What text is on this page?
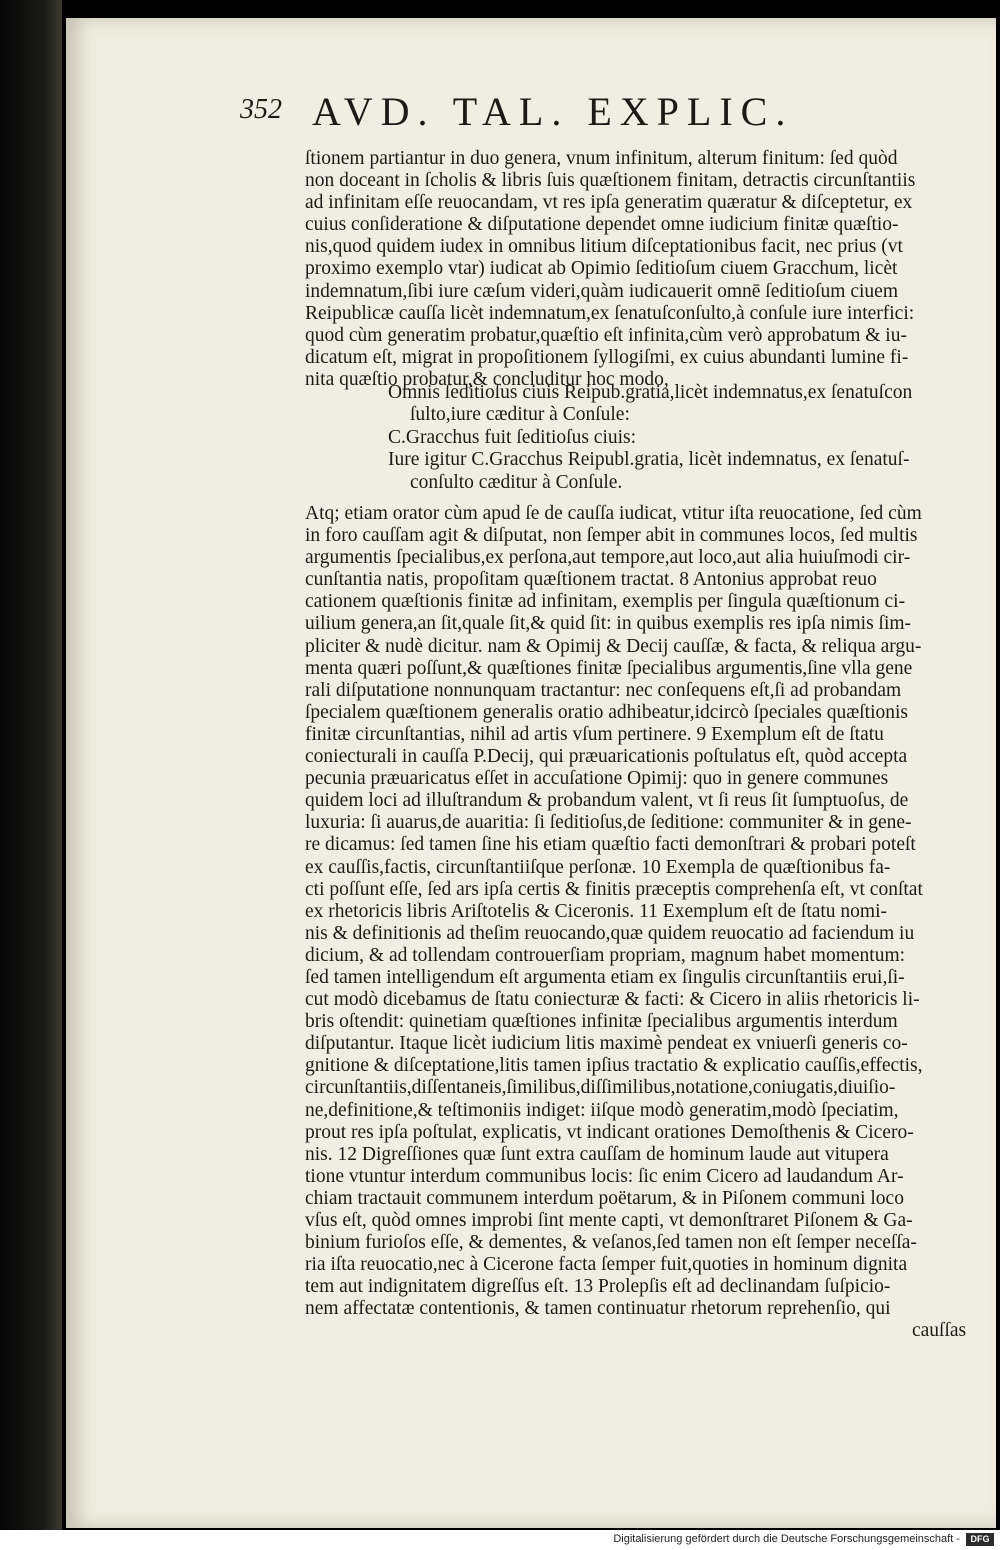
352 AVD. TAL. EXPLIC.
ſtionem partiantur in duo genera, vnum infinitum, alterum finitum: ſed quòd
non doceant in ſcholis & libris ſuis quæſtionem finitam, detractis circunſtantiis
ad infinitam eſſe reuocandam, vt res ipſa generatim quæratur & diſceptetur, ex
cuius conſideratione & diſputatione dependet omne iudicium finitæ quæſtio-
nis,quod quidem iudex in omnibus litium diſceptationibus facit, nec prius (vt
proximo exemplo vtar) iudicat ab Opimio ſeditioſum ciuem Gracchum, licèt
indemnatum,ſibi iure cæſum videri,quàm iudicauerit omnē ſeditioſum ciuem
Reipublicæ cauſſa licèt indemnatum,ex ſenatuſconſulto,à conſule iure interfici:
quod cùm generatim probatur,quæſtio eſt infinita,cùm verò approbatum & iu-
dicatum eſt, migrat in propoſitionem ſyllogiſmi, ex cuius abundanti lumine fi-
nita quæſtio probatur,& concluditur hoc modo,
Omnis ſeditioſus ciuis Reipub.gratia,licèt indemnatus,ex ſenatuſcon
ſulto,iure cæditur à Conſule:
C.Gracchus fuit ſeditioſus ciuis:
Iure igitur C.Gracchus Reipubl.gratia, licèt indemnatus, ex ſenatuſ-
conſulto cæditur à Conſule.
Atq; etiam orator cùm apud ſe de cauſſa iudicat, vtitur iſta reuocatione, ſed cùm
in foro cauſſam agit & diſputat, non ſemper abit in communes locos, ſed multis
argumentis ſpecialibus,ex perſona,aut tempore,aut loco,aut alia huiuſmodi cir-
cunſtantia natis, propoſitam quæſtionem tractat. 8 Antonius approbat reuo
cationem quæſtionis finitæ ad infinitam, exemplis per ſingula quæſtionum ci-
uilium genera,an ſit,quale ſit,& quid ſit: in quibus exemplis res ipſa nimis ſim-
pliciter & nudè dicitur. nam & Opimij & Decij cauſſæ, & facta, & reliqua argu-
menta quæri poſſunt,& quæſtiones finitæ ſpecialibus argumentis,ſine vlla gene
rali diſputatione nonnunquam tractantur: nec conſequens eſt,ſi ad probandam
ſpecialem quæſtionem generalis oratio adhibeatur,idcircò ſpeciales quæſtionis
finitæ circunſtantias, nihil ad artis vſum pertinere. 9 Exemplum eſt de ſtatu
coniecturali in cauſſa P.Decij, qui præuaricationis poſtulatus eſt, quòd accepta
pecunia præuaricatus eſſet in accuſatione Opimij: quo in genere communes
quidem loci ad illuſtrandum & probandum valent, vt ſi reus ſit ſumptuoſus, de
luxuria: ſi auarus,de auaritia: ſi ſeditioſus,de ſeditione: communiter & in gene-
re dicamus: ſed tamen ſine his etiam quæſtio facti demonſtrari & probari poteſt
ex cauſſis,factis, circunſtantiiſque perſonæ. 10 Exempla de quæſtionibus fa-
cti poſſunt eſſe, ſed ars ipſa certis & finitis præceptis comprehenſa eſt, vt conſtat
ex rhetoricis libris Ariſtotelis & Ciceronis. 11 Exemplum eſt de ſtatu nomi-
nis & definitionis ad theſim reuocando,quæ quidem reuocatio ad faciendum iu
dicium, & ad tollendam controuerſiam propriam, magnum habet momentum:
ſed tamen intelligendum eſt argumenta etiam ex ſingulis circunſtantiis erui,ſi-
cut modò dicebamus de ſtatu coniecturæ & facti: & Cicero in aliis rhetoricis li-
bris oſtendit: quinetiam quæſtiones infinitæ ſpecialibus argumentis interdum
diſputantur. Itaque licèt iudicium litis maximè pendeat ex vniuerſi generis co-
gnitione & diſceptatione,litis tamen ipſius tractatio & explicatio cauſſis,effectis,
circunſtantiis,diſſentaneis,ſimilibus,diſſimilibus,notatione,coniugatis,diuiſio-
ne,definitione,& teſtimoniis indiget: iiſque modò generatim,modò ſpeciatim,
prout res ipſa poſtulat, explicatis, vt indicant orationes Demoſthenis & Cicero-
nis. 12 Digreſſiones quæ ſunt extra cauſſam de hominum laude aut vitupera
tione vtuntur interdum communibus locis: ſic enim Cicero ad laudandum Ar-
chiam tractauit communem interdum poëtarum, & in Piſonem communi loco
vſus eſt, quòd omnes improbi ſint mente capti, vt demonſtraret Piſonem & Ga-
binium furioſos eſſe, & dementes, & veſanos,ſed tamen non eſt ſemper neceſſa-
ria iſta reuocatio,nec à Cicerone facta ſemper fuit,quoties in hominum dignita
tem aut indignitatem digreſſus eſt. 13 Prolepſis eſt ad declinandam ſuſpicio-
nem affectatæ contentionis, & tamen continuatur rhetorum reprehenſio, qui
cauſſas
Digitalisierung gefördert durch die Deutsche Forschungsgemeinschaft -	DFG
